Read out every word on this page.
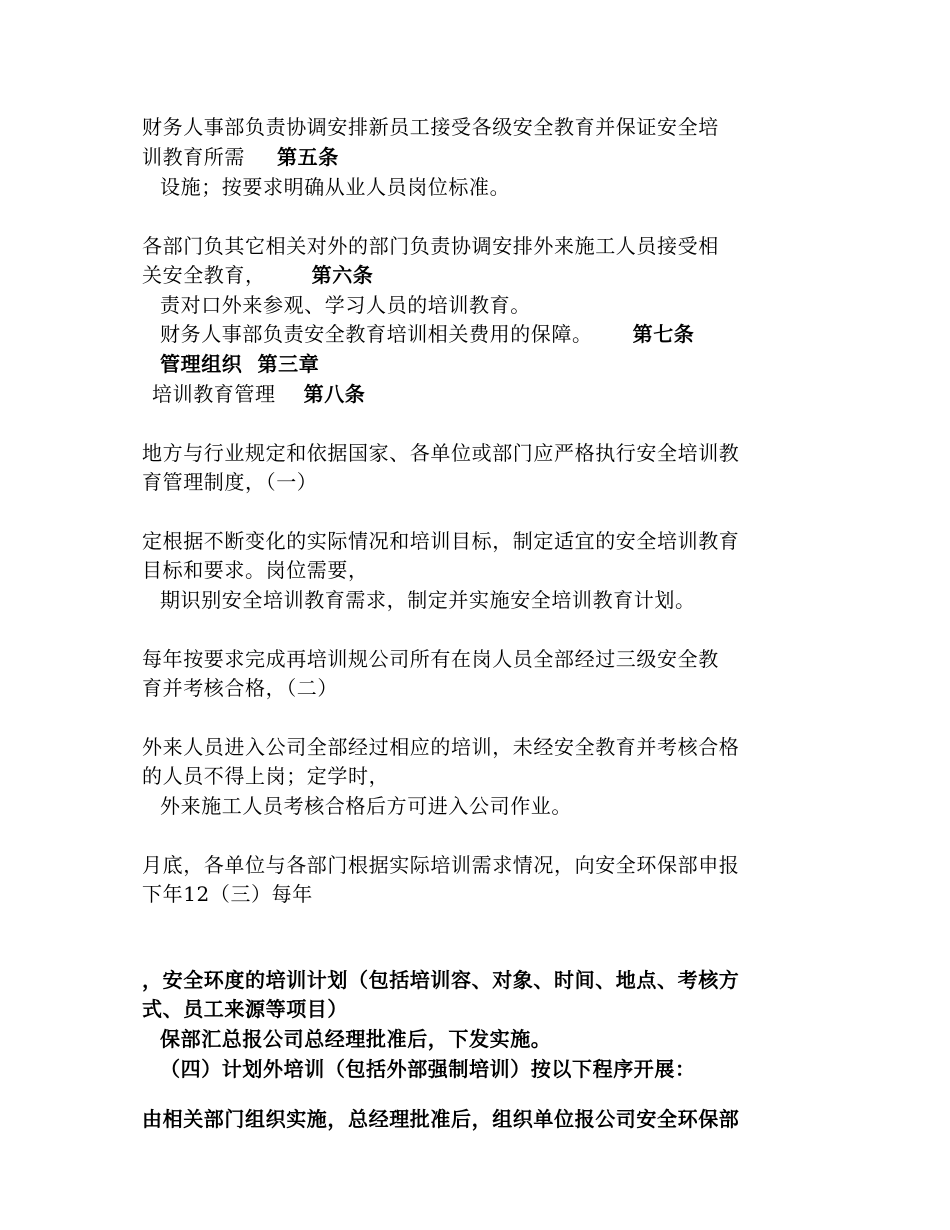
财务人事部负责协调安排新员工接受各级安全教育并保证安全培
训教育所需 第五条
设施；按要求明确从业人员岗位标准。
各部门负其它相关对外的部门负责协调安排外来施工人员接受相
关安全教育， 第六条
责对口外来参观、学习人员的培训教育。
财务人事部负责安全教育培训相关费用的保障。 第七条
管理组织  第三章
培训教育管理 第八条
地方与行业规定和依据国家、各单位或部门应严格执行安全培训教
育管理制度，（一）
定根据不断变化的实际情况和培训目标，制定适宜的安全培训教育
目标和要求。岗位需要，
期识别安全培训教育需求，制定并实施安全培训教育计划。
每年按要求完成再培训规公司所有在岗人员全部经过三级安全教
育并考核合格，（二）
外来人员进入公司全部经过相应的培训，未经安全教育并考核合格
的人员不得上岗；定学时，
外来施工人员考核合格后方可进入公司作业。
月底，各单位与各部门根据实际培训需求情况，向安全环保部申报
下年12（三）每年
，安全环度的培训计划（包括培训容、对象、时间、地点、考核方
式、员工来源等项目）
保部汇总报公司总经理批准后，下发实施。
（四）计划外培训（包括外部强制培训）按以下程序开展：
由相关部门组织实施，总经理批准后，组织单位报公司安全环保部
